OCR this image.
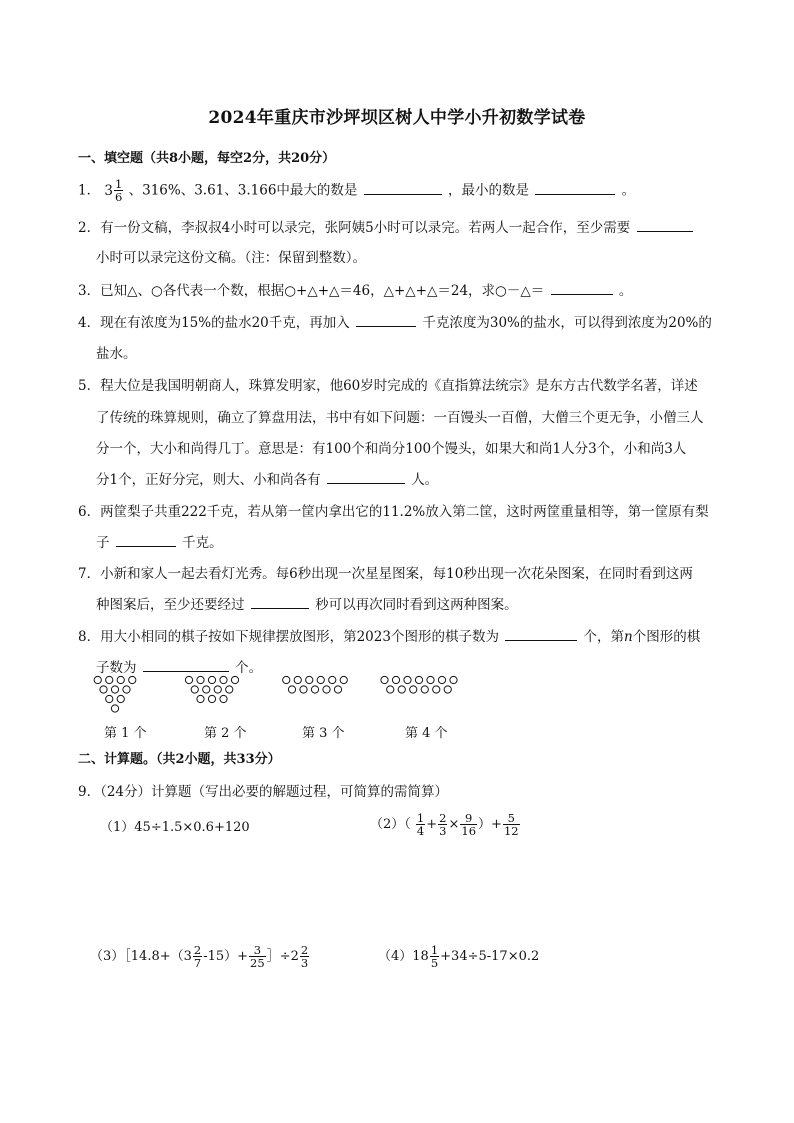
2024年重庆市沙坪坝区树人中学小升初数学试卷
一、填空题（共8小题，每空2分，共20分）
1． $3 \frac{1}{6}$ 、316%、3.61、3.166中最大的数是	，最小的数是	。
2．有一份文稿，李叔叔4小时可以录完，张阿姨5小时可以录完。若两人一起合作，至少需要
小时可以录完这份文稿。（注：保留到整数）。
3．已知△、○各代表一个数，根据○+△+△＝46，△+△+△＝24，求○－△＝	。
4．现在有浓度为15%的盐水20千克，再加入	千克浓度为30%的盐水，可以得到浓度为20%的
盐水。
5．程大位是我国明朝商人，珠算发明家，他60岁时完成的《直指算法统宗》是东方古代数学名著，详述
了传统的珠算规则，确立了算盘用法，书中有如下问题：一百馒头一百僧，大僧三个更无争，小僧三人
分一个，大小和尚得几丁。意思是：有100个和尚分100个馒头，如果大和尚1人分3个，小和尚3人
分1个，正好分完，则大、小和尚各有	人。
6．两筐梨子共重222千克，若从第一筐内拿出它的11.2%放入第二筐，这时两筐重量相等，第一筐原有梨
子	千克。
7．小新和家人一起去看灯光秀。每6秒出现一次星星图案，每10秒出现一次花朵图案，在同时看到这两
种图案后，至少还要经过	秒可以再次同时看到这两种图案。
8．用大小相同的棋子按如下规律摆放图形，第2023个图形的棋子数为	个，第n个图形的棋
子数为	个。
第 1 个	第 2 个	第 3 个	第 4 个
二、计算题。（共2小题，共33分）
9．（24分）计算题（写出必要的解题过程，可简算的需简算）
（1）45÷1.5×0.6+120	$(2)( \frac{1}{4} + \frac{2}{3} \times \frac{9}{16}$ ）+ $\frac{5}{12}$
（3）［14.8+（3 $\frac{2}{7} -15)+ \frac{3}{25}$ ］÷2 $\frac{2}{3}$	$(4)18 \frac{1}{5} +34\div 5-17\times 0.2$
